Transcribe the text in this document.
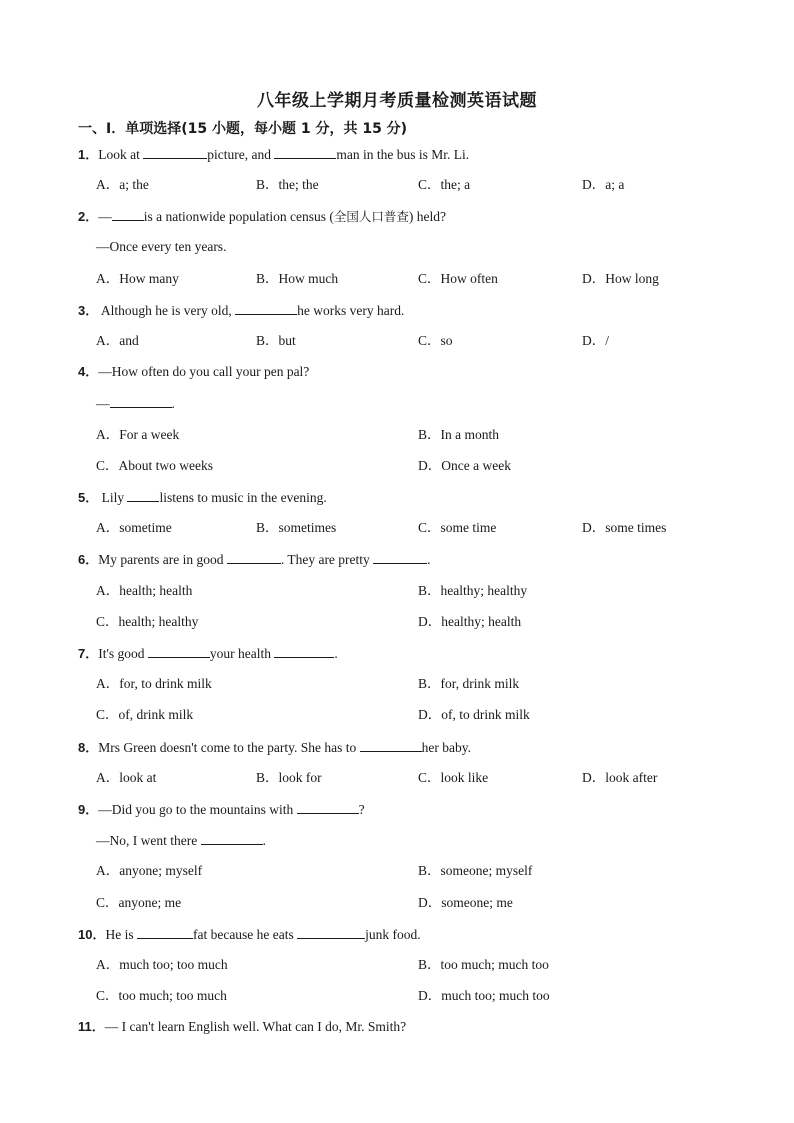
八年级上学期月考质量检测英语试题
一、I．单项选择(15 小题，每小题 1 分，共 15 分)
1．Look at	picture, and	man in the bus is Mr. Li.
A．a; the	B．the; the	C．the; a	D．a; a
2．— is a nationwide population census (全国人口普查) held?
—Once every ten years.
A．How many	B．How much	C．How often	D．How long
3． Although he is very old,	he works very hard.
A．and	B．but	C．so	D．/
4．—How often do you call your pen pal?
—	.
A．For a week	B．In a month
C．About two weeks	D．Once a week
5． Lily listens to music in the evening.
A．sometime	B．sometimes	C．some time	D．some times
6．My parents are in good	. They are pretty	.
A．health; health	B．healthy; healthy
C．health; healthy	D．healthy; health
7．It's good	your health	.
A．for, to drink milk	B．for, drink milk
C．of, drink milk	D．of, to drink milk
8．Mrs Green doesn't come to the party. She has to	her baby.
A．look at	B．look for	C．look like	D．look after
9．—Did you go to the mountains with	?
—No, I went there	.
A．anyone; myself	B．someone; myself
C．anyone; me	D．someone; me
10．He is	fat because he eats	junk food.
A．much too; too much	B．too much; much too
C．too much; too much	D．much too; much too
11．— I can't learn English well. What can I do, Mr. Smith?
